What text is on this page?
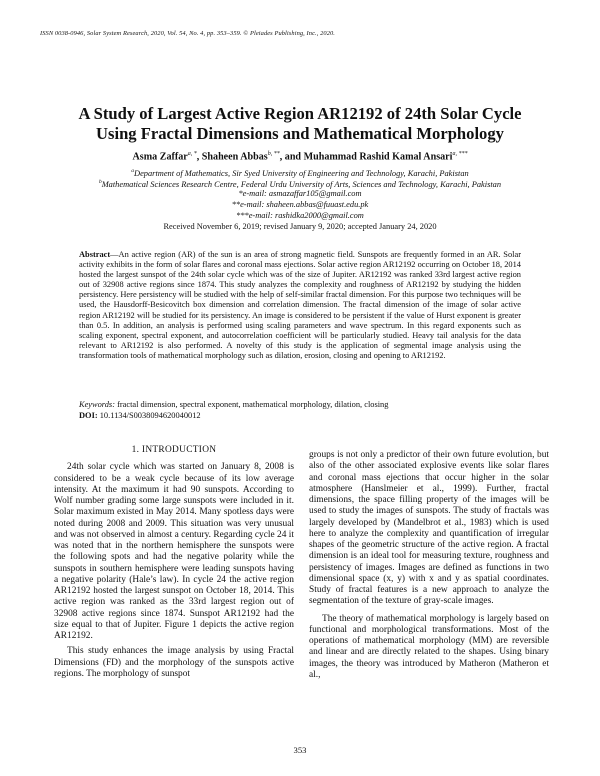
ISSN 0038-0946, Solar System Research, 2020, Vol. 54, No. 4, pp. 353–359. © Pleiades Publishing, Inc., 2020.
A Study of Largest Active Region AR12192 of 24th Solar Cycle
Using Fractal Dimensions and Mathematical Morphology
Asma Zaffar$^{a, *}$, Shaheen Abbas$^{b, **}$, and Muhammad Rashid Kamal Ansari$^{a, ***}$
$^a$Department of Mathematics, Sir Syed University of Engineering and Technology, Karachi, Pakistan
$^b$Mathematical Sciences Research Centre, Federal Urdu University of Arts, Sciences and Technology, Karachi, Pakistan
*e-mail: asmazaffar105@gmail.com
**e-mail: shaheen.abbas@fuuast.edu.pk
***e-mail: rashidka2000@gmail.com
Received November 6, 2019; revised January 9, 2020; accepted January 24, 2020
Abstract—An active region (AR) of the sun is an area of strong magnetic field. Sunspots are frequently formed in an AR. Solar activity exhibits in the form of solar flares and coronal mass ejections. Solar active region AR12192 occurring on October 18, 2014 hosted the largest sunspot of the 24th solar cycle which was of the size of Jupiter. AR12192 was ranked 33rd largest active region out of 32908 active regions since 1874. This study analyzes the complexity and roughness of AR12192 by studying the hidden persistency. Here persistency will be studied with the help of self-similar fractal dimension. For this purpose two techniques will be used, the Hausdorff-Besicovitch box dimension and correlation dimension. The fractal dimension of the image of solar active region AR12192 will be studied for its persistency. An image is considered to be persistent if the value of Hurst exponent is greater than 0.5. In addition, an analysis is performed using scaling parameters and wave spectrum. In this regard exponents such as scaling exponent, spectral exponent, and autocorrelation coefficient will be particularly studied. Heavy tail analysis for the data relevant to AR12192 is also performed. A novelty of this study is the application of segmental image analysis using the transformation tools of mathematical morphology such as dilation, erosion, closing and opening to AR12192.
Keywords: fractal dimension, spectral exponent, mathematical morphology, dilation, closing
DOI: 10.1134/S0038094620040012
1. INTRODUCTION

24th solar cycle which was started on January 8, 2008 is considered to be a weak cycle because of its low average intensity. At the maximum it had 90 sunspots. According to Wolf number grading some large sunspots were included in it. Solar maximum existed in May 2014. Many spotless days were noted during 2008 and 2009. This situation was very unusual and was not observed in almost a century. Regarding cycle 24 it was noted that in the northern hemisphere the sunspots were the following spots and had the negative polarity while the sunspots in southern hemisphere were leading sunspots having a negative polarity (Hale’s law). In cycle 24 the active region AR12192 hosted the largest sunspot on October 18, 2014. This active region was ranked as the 33rd largest region out of 32908 active regions since 1874. Sunspot AR12192 had the size equal to that of Jupiter. Figure 1 depicts the active region AR12192.

This study enhances the image analysis by using Fractal Dimensions (FD) and the morphology of the sunspots active regions. The morphology of sunspot

groups is not only a predictor of their own future evolution, but also of the other associated explosive events like solar flares and coronal mass ejections that occur higher in the solar atmosphere (Hanslmeier et al., 1999). Further, fractal dimensions, the space filling property of the images will be used to study the images of sunspots. The study of fractals was largely developed by (Mandelbrot et al., 1983) which is used here to analyze the complexity and quantification of irregular shapes of the geometric structure of the active region. A fractal dimension is an ideal tool for measuring texture, roughness and persistency of images. Images are defined as functions in two dimensional space (x, y) with x and y as spatial coordinates. Study of fractal features is a new approach to analyze the segmentation of the texture of gray-scale images.

The theory of mathematical morphology is largely based on functional and morphological transformations. Most of the operations of mathematical morphology (MM) are reversible and linear and are directly related to the shapes. Using binary images, the theory was introduced by Matheron (Matheron et al.,

353
